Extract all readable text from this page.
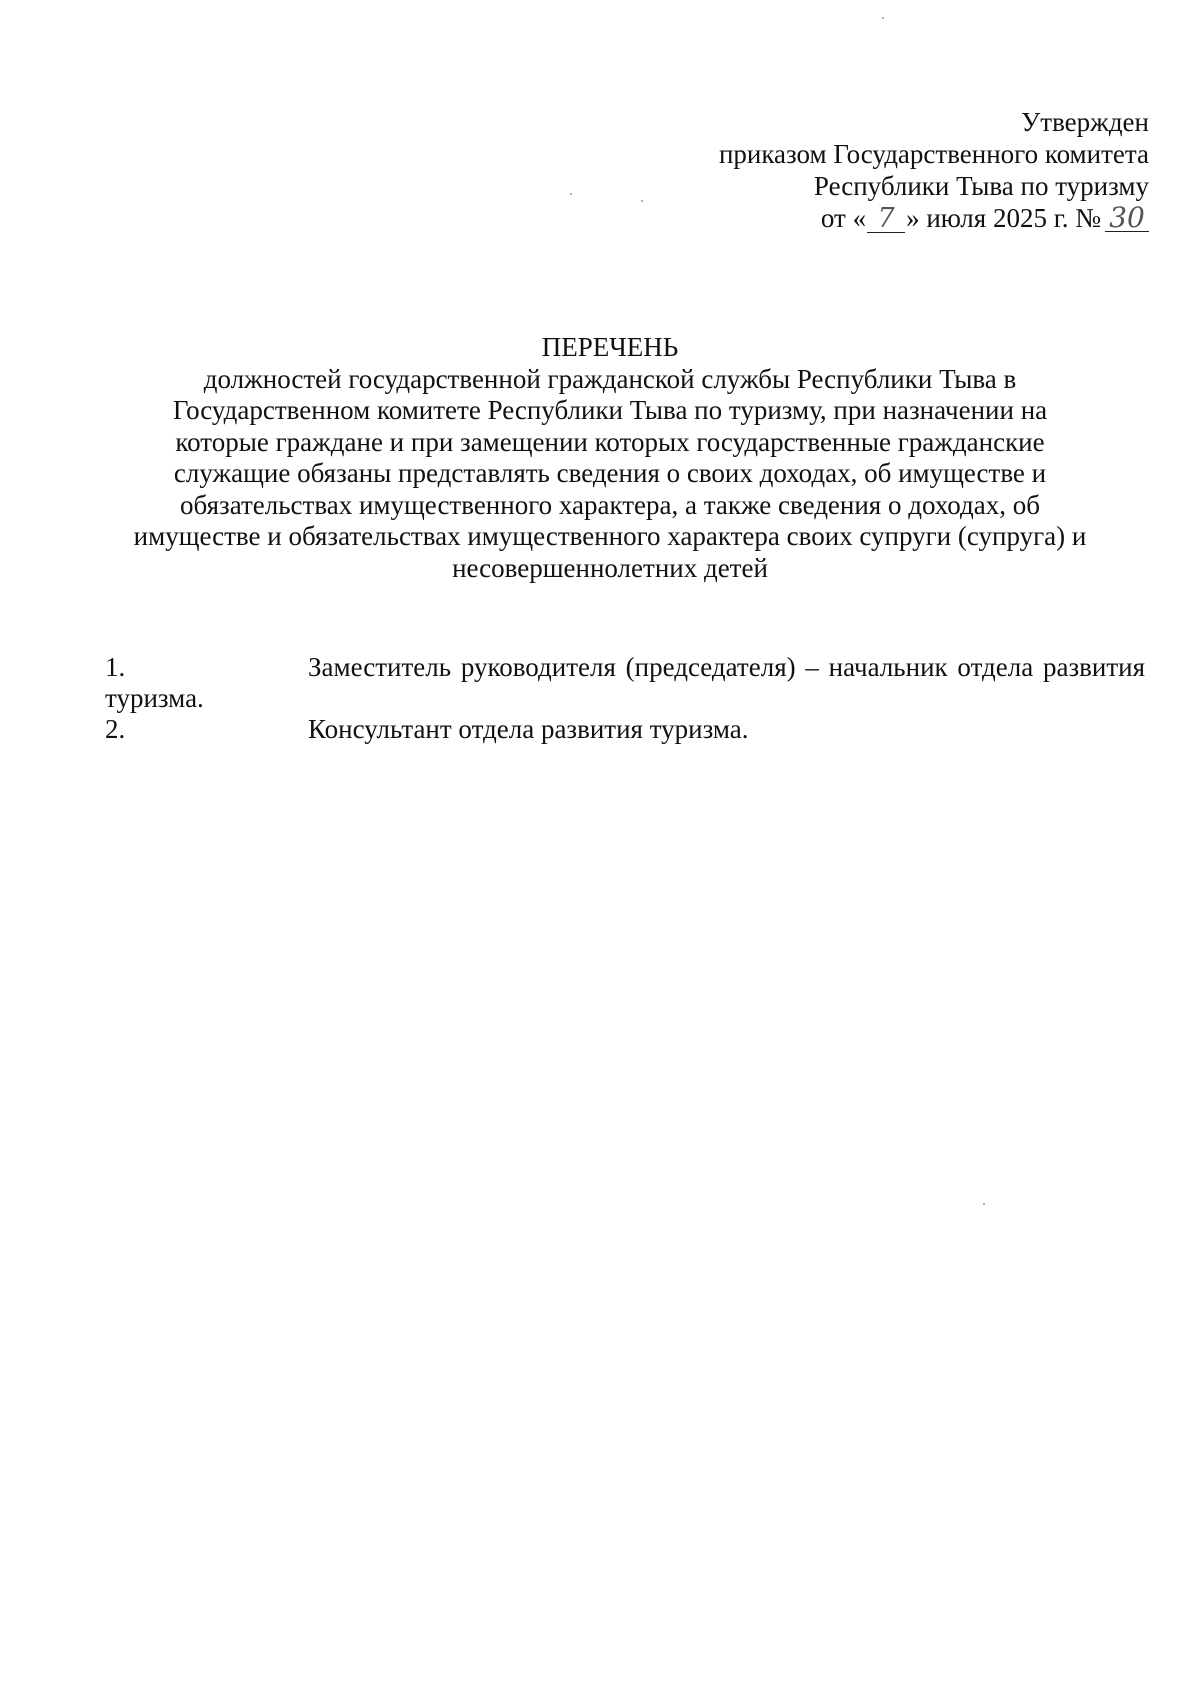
Утвержден
приказом Государственного комитета
Республики Тыва по туризму
от « 7 » июля 2025 г. № 30
ПЕРЕЧЕНЬ
должностей государственной гражданской службы Республики Тыва в
Государственном комитете Республики Тыва по туризму, при назначении на
которые граждане и при замещении которых государственные гражданские
служащие обязаны представлять сведения о своих доходах, об имуществе и
обязательствах имущественного характера, а также сведения о доходах, об
имуществе и обязательствах имущественного характера своих супруги (супруга) и
несовершеннолетних детей
1.	Заместитель руководителя (председателя) – начальник отдела развития
туризма.
2.	Консультант отдела развития туризма.
